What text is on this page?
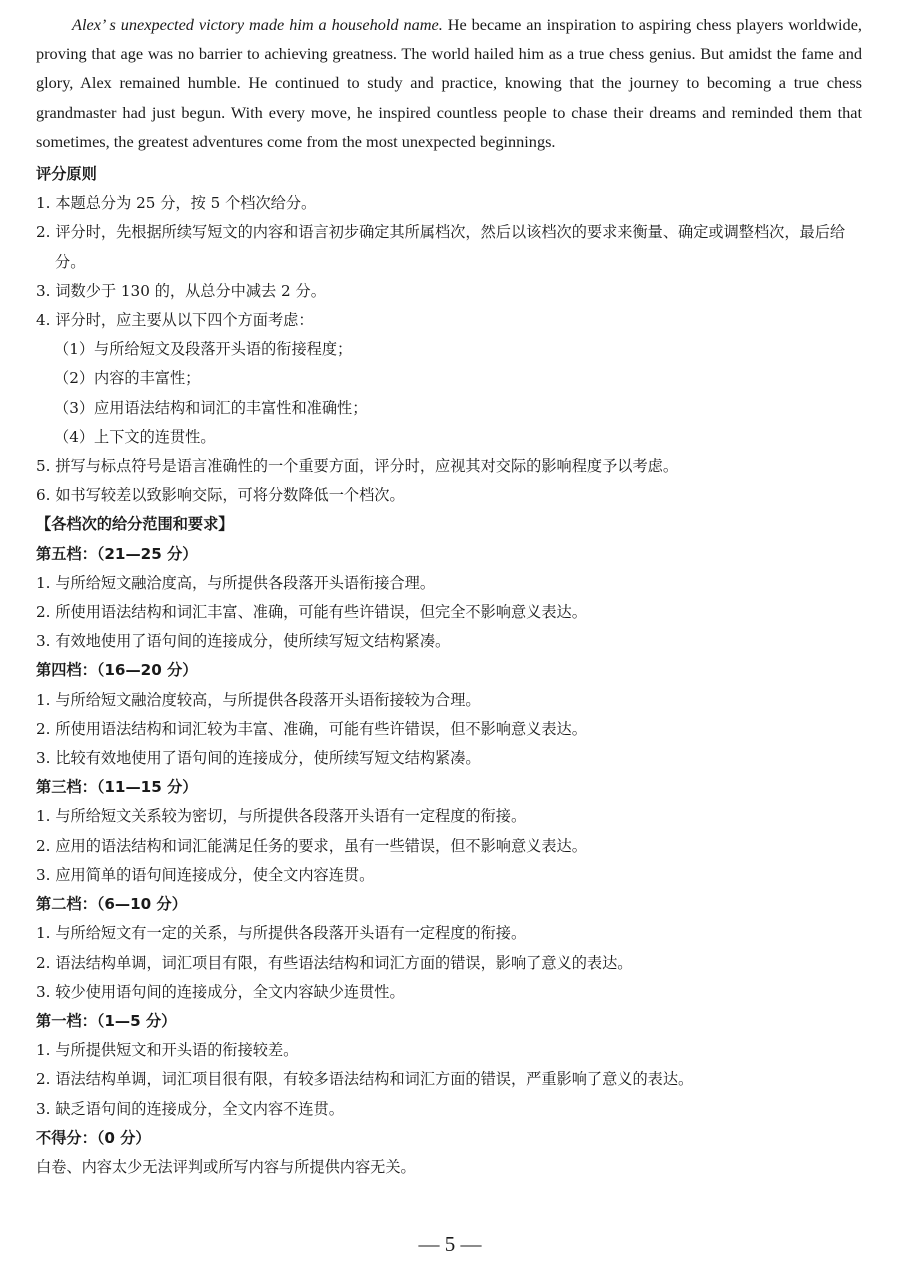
Alex’ s unexpected victory made him a household name. He became an inspiration to aspiring chess players worldwide, proving that age was no barrier to achieving greatness. The world hailed him as a true chess genius. But amidst the fame and glory, Alex remained humble. He continued to study and practice, knowing that the journey to becoming a true chess grandmaster had just begun. With every move, he inspired countless people to chase their dreams and reminded them that sometimes, the greatest adventures come from the most unexpected beginnings.

评分原则

1. 本题总分为 25 分，按 5 个档次给分。

2. 评分时，先根据所续写短文的内容和语言初步确定其所属档次，然后以该档次的要求来衡量、确定或调整档次，最后给分。

3. 词数少于 130 的，从总分中减去 2 分。

4. 评分时，应主要从以下四个方面考虑：

（1）与所给短文及段落开头语的衔接程度；

（2）内容的丰富性；

（3）应用语法结构和词汇的丰富性和准确性；

（4）上下文的连贯性。

5. 拼写与标点符号是语言准确性的一个重要方面，评分时，应视其对交际的影响程度予以考虑。

6. 如书写较差以致影响交际，可将分数降低一个档次。

【各档次的给分范围和要求】

第五档：（21—25 分）

1. 与所给短文融洽度高，与所提供各段落开头语衔接合理。

2. 所使用语法结构和词汇丰富、准确，可能有些许错误，但完全不影响意义表达。

3. 有效地使用了语句间的连接成分，使所续写短文结构紧凑。

第四档：（16—20 分）

1. 与所给短文融洽度较高，与所提供各段落开头语衔接较为合理。

2. 所使用语法结构和词汇较为丰富、准确，可能有些许错误，但不影响意义表达。

3. 比较有效地使用了语句间的连接成分，使所续写短文结构紧凑。

第三档：（11—15 分）

1. 与所给短文关系较为密切，与所提供各段落开头语有一定程度的衔接。

2. 应用的语法结构和词汇能满足任务的要求，虽有一些错误，但不影响意义表达。

3. 应用简单的语句间连接成分，使全文内容连贯。

第二档：（6—10 分）

1. 与所给短文有一定的关系，与所提供各段落开头语有一定程度的衔接。

2. 语法结构单调，词汇项目有限，有些语法结构和词汇方面的错误，影响了意义的表达。

3. 较少使用语句间的连接成分，全文内容缺少连贯性。

第一档：（1—5 分）

1. 与所提供短文和开头语的衔接较差。

2. 语法结构单调，词汇项目很有限，有较多语法结构和词汇方面的错误，严重影响了意义的表达。

3. 缺乏语句间的连接成分，全文内容不连贯。

不得分：（0 分）

白卷、内容太少无法评判或所写内容与所提供内容无关。

— 5 —
